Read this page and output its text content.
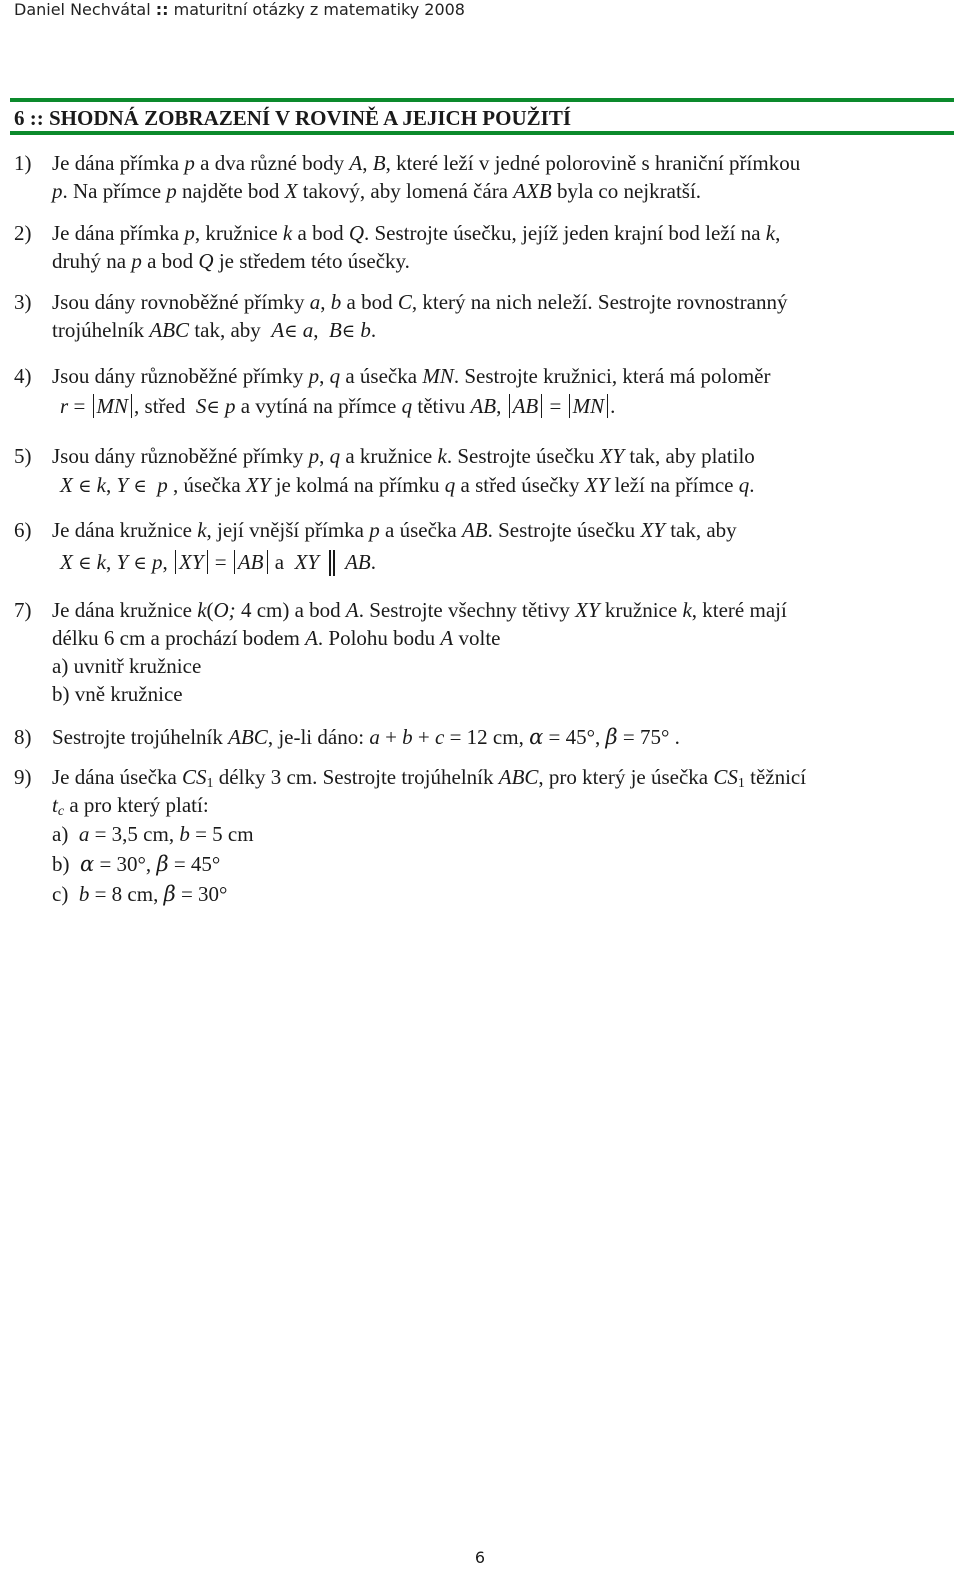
Daniel Nechvátal :: maturitní otázky z matematiky 2008
6 :: SHODNÁ ZOBRAZENÍ V ROVINĚ A JEJICH POUŽITÍ
1) Je dána přímka p a dva různé body A, B, které leží v jedné polorovině s hraniční přímkou
p. Na přímce p najděte bod X takový, aby lomená čára AXB byla co nejkratší.
2) Je dána přímka p, kružnice k a bod Q. Sestrojte úsečku, jejíž jeden krajní bod leží na k,
druhý na p a bod Q je středem této úsečky.
3) Jsou dány rovnoběžné přímky a, b a bod C, který na nich neleží. Sestrojte rovnostranný
trojúhelník ABC tak, aby  A∈ a,  B∈ b.
4) Jsou dány různoběžné přímky p, q a úsečka MN. Sestrojte kružnici, která má poloměr
r = MN , střed  S∈ p a vytíná na přímce q tětivu AB, AB = MN .
5) Jsou dány různoběžné přímky p, q a kružnice k. Sestrojte úsečku XY tak, aby platilo
X ∈ k, Y ∈ p , úsečka XY je kolmá na přímku q a střed úsečky XY leží na přímce q.
6) Je dána kružnice k, její vnější přímka p a úsečka AB. Sestrojte úsečku XY tak, aby
X ∈ k, Y ∈ p, XY = AB a  XY AB.
7) Je dána kružnice k(O; 4 cm) a bod A. Sestrojte všechny tětivy XY kružnice k, které mají
délku 6 cm a prochází bodem A. Polohu bodu A volte
a) uvnitř kružnice
b) vně kružnice
8) Sestrojte trojúhelník ABC, je-li dáno: a + b + c = 12 cm, α = 45°, β = 75° .
9) Je dána úsečka $CS_1$ délky 3 cm. Sestrojte trojúhelník ABC, pro který je úsečka $CS_1$ těžnicí
$t_c$ a pro který platí:
a)  a = 3,5 cm, b = 5 cm
b)  α = 30°, β = 45°
c)  b = 8 cm, β = 30°
6
